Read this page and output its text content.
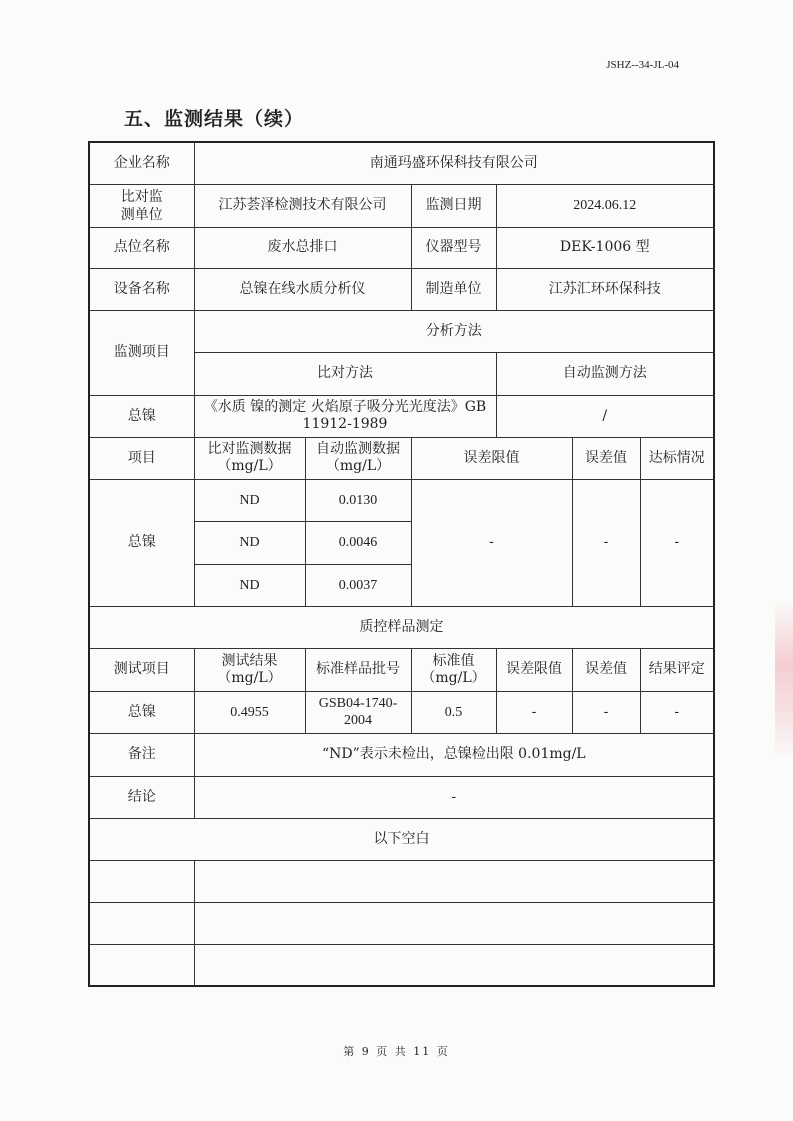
JSHZ--34-JL-04
五、监测结果（续）
企业名称	南通玛盛环保科技有限公司					
比对监
测单位	江苏荟泽检测技术有限公司		监测日期	2024.06.12		
点位名称	废水总排口		仪器型号	DEK-1006 型		
设备名称	总镍在线水质分析仪		制造单位	江苏汇环环保科技		
监测项目	分析方法					
	比对方法			自动监测方法		
总镍	《水质 镍的测定 火焰原子吸分光光度法》GB 11912-1989			/		
项目	比对监测数据（mg/L）	自动监测数据（mg/L）	误差限值		误差值	达标情况
总镍	ND	0.0130	-		-	-
	ND	0.0046				
	ND	0.0037				
质控样品测定						
测试项目	测试结果（mg/L）	标准样品批号	标准值（mg/L）	误差限值	误差值	结果评定
总镍	0.4955	GSB04-1740-2004	0.5	-	-	-
备注	“ND”表示未检出，总镍检出限 0.01mg/L					
结论	-					
以下空白						

第 9 页 共 11 页
